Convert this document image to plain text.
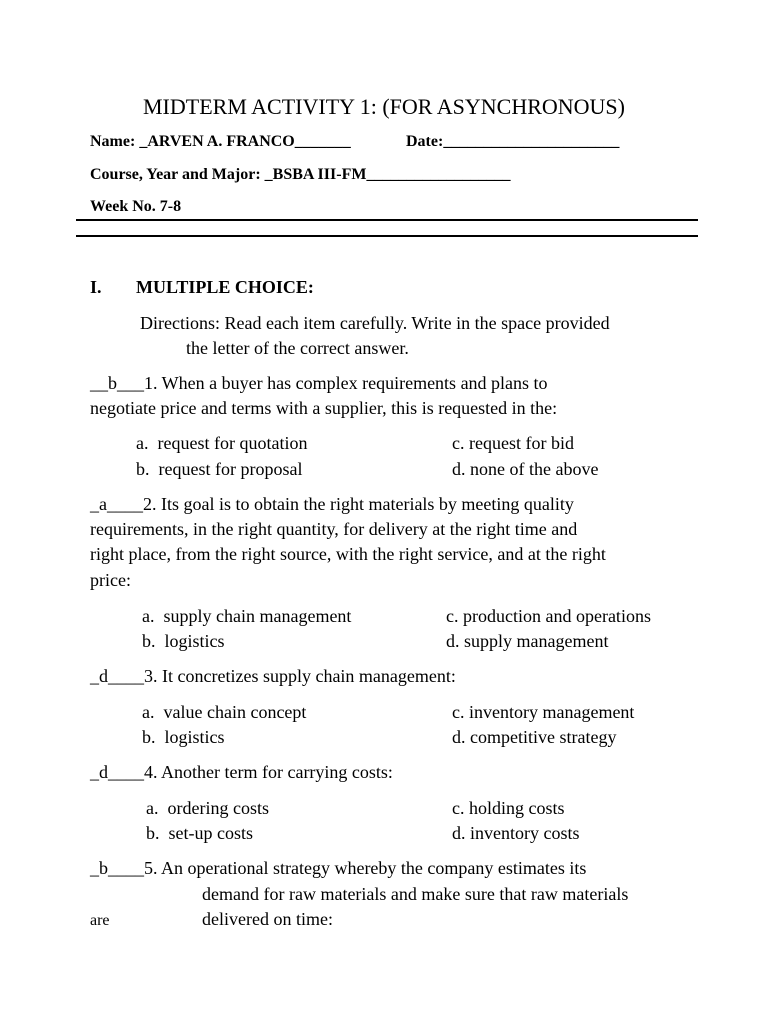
MIDTERM ACTIVITY 1: (FOR ASYNCHRONOUS)
Name: _ARVEN A. FRANCO_______	Date:______________________
Course, Year and Major: _BSBA III-FM__________________
Week No. 7-8
I. MULTIPLE CHOICE:
Directions: Read each item carefully. Write in the space provided
the letter of the correct answer.
__b___1. When a buyer has complex requirements and plans to
negotiate price and terms with a supplier, this is requested in the:
a.  request for quotation	c. request for bid
b.  request for proposal	d. none of the above
_a____2. Its goal is to obtain the right materials by meeting quality
requirements, in the right quantity, for delivery at the right time and
right place, from the right source, with the right service, and at the right
price:
a.  supply chain management	c. production and operations
b.  logistics	d. supply management
_d____3. It concretizes supply chain management:
a.  value chain concept	c. inventory management
b.  logistics	d. competitive strategy
_d____4. Another term for carrying costs:
a.  ordering costs	c. holding costs
b.  set-up costs	d. inventory costs
_b____5. An operational strategy whereby the company estimates its
demand for raw materials and make sure that raw materials
are	delivered on time:
